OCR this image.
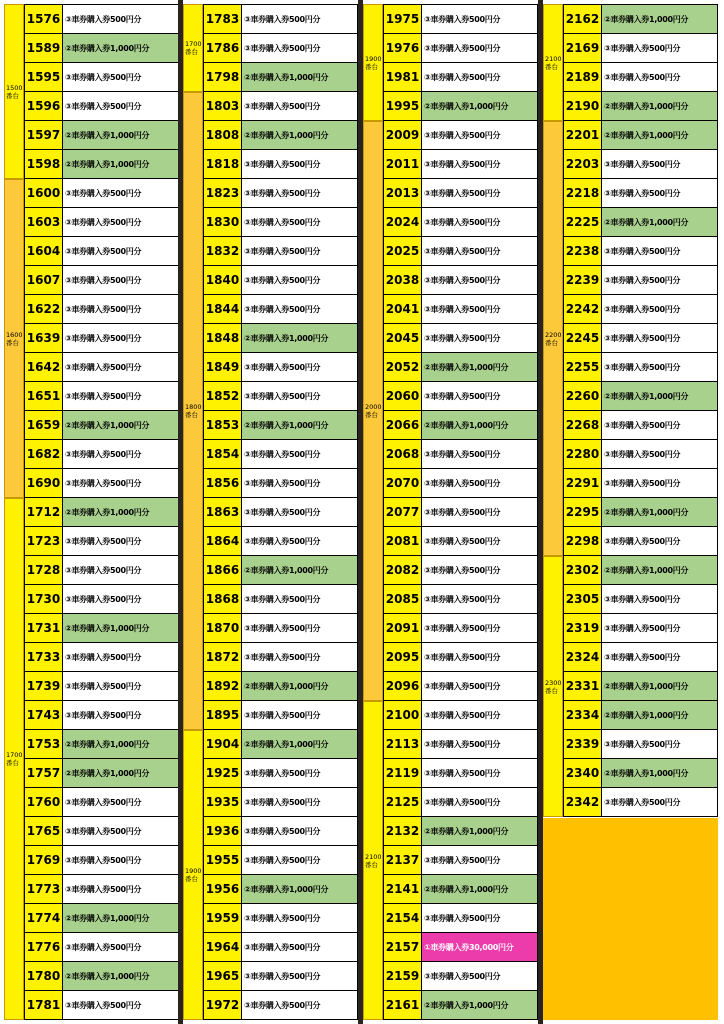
1500
番台
1600
番台
1700
番台
1576 ③車券購入券500円分
1589 ②車券購入券1,000円分
1595 ③車券購入券500円分
1596 ③車券購入券500円分
1597 ②車券購入券1,000円分
1598 ②車券購入券1,000円分
1600 ③車券購入券500円分
1603 ③車券購入券500円分
1604 ③車券購入券500円分
1607 ③車券購入券500円分
1622 ③車券購入券500円分
1639 ③車券購入券500円分
1642 ③車券購入券500円分
1651 ③車券購入券500円分
1659 ②車券購入券1,000円分
1682 ③車券購入券500円分
1690 ③車券購入券500円分
1712 ②車券購入券1,000円分
1723 ③車券購入券500円分
1728 ③車券購入券500円分
1730 ③車券購入券500円分
1731 ②車券購入券1,000円分
1733 ③車券購入券500円分
1739 ③車券購入券500円分
1743 ③車券購入券500円分
1753 ②車券購入券1,000円分
1757 ②車券購入券1,000円分
1760 ③車券購入券500円分
1765 ③車券購入券500円分
1769 ③車券購入券500円分
1773 ③車券購入券500円分
1774 ②車券購入券1,000円分
1776 ③車券購入券500円分
1780 ②車券購入券1,000円分
1781 ③車券購入券500円分
1700
番台
1800
番台
1900
番台
1783 ③車券購入券500円分
1786 ③車券購入券500円分
1798 ②車券購入券1,000円分
1803 ③車券購入券500円分
1808 ②車券購入券1,000円分
1818 ③車券購入券500円分
1823 ③車券購入券500円分
1830 ③車券購入券500円分
1832 ③車券購入券500円分
1840 ③車券購入券500円分
1844 ③車券購入券500円分
1848 ②車券購入券1,000円分
1849 ③車券購入券500円分
1852 ③車券購入券500円分
1853 ②車券購入券1,000円分
1854 ③車券購入券500円分
1856 ③車券購入券500円分
1863 ③車券購入券500円分
1864 ③車券購入券500円分
1866 ②車券購入券1,000円分
1868 ③車券購入券500円分
1870 ③車券購入券500円分
1872 ③車券購入券500円分
1892 ②車券購入券1,000円分
1895 ③車券購入券500円分
1904 ②車券購入券1,000円分
1925 ③車券購入券500円分
1935 ③車券購入券500円分
1936 ③車券購入券500円分
1955 ③車券購入券500円分
1956 ②車券購入券1,000円分
1959 ③車券購入券500円分
1964 ③車券購入券500円分
1965 ③車券購入券500円分
1972 ③車券購入券500円分
1900
番台
2000
番台
2100
番台
1975 ③車券購入券500円分
1976 ③車券購入券500円分
1981 ③車券購入券500円分
1995 ②車券購入券1,000円分
2009 ③車券購入券500円分
2011 ③車券購入券500円分
2013 ③車券購入券500円分
2024 ③車券購入券500円分
2025 ③車券購入券500円分
2038 ③車券購入券500円分
2041 ③車券購入券500円分
2045 ③車券購入券500円分
2052 ②車券購入券1,000円分
2060 ③車券購入券500円分
2066 ②車券購入券1,000円分
2068 ③車券購入券500円分
2070 ③車券購入券500円分
2077 ③車券購入券500円分
2081 ③車券購入券500円分
2082 ③車券購入券500円分
2085 ③車券購入券500円分
2091 ③車券購入券500円分
2095 ③車券購入券500円分
2096 ③車券購入券500円分
2100 ③車券購入券500円分
2113 ③車券購入券500円分
2119 ③車券購入券500円分
2125 ③車券購入券500円分
2132 ②車券購入券1,000円分
2137 ③車券購入券500円分
2141 ②車券購入券1,000円分
2154 ③車券購入券500円分
2157 ①車券購入券30,000円分
2159 ③車券購入券500円分
2161 ②車券購入券1,000円分
2100
番台
2200
番台
2300
番台
2162 ②車券購入券1,000円分
2169 ③車券購入券500円分
2189 ③車券購入券500円分
2190 ②車券購入券1,000円分
2201 ②車券購入券1,000円分
2203 ③車券購入券500円分
2218 ③車券購入券500円分
2225 ②車券購入券1,000円分
2238 ③車券購入券500円分
2239 ③車券購入券500円分
2242 ③車券購入券500円分
2245 ③車券購入券500円分
2255 ③車券購入券500円分
2260 ②車券購入券1,000円分
2268 ③車券購入券500円分
2280 ③車券購入券500円分
2291 ③車券購入券500円分
2295 ②車券購入券1,000円分
2298 ③車券購入券500円分
2302 ②車券購入券1,000円分
2305 ③車券購入券500円分
2319 ③車券購入券500円分
2324 ③車券購入券500円分
2331 ②車券購入券1,000円分
2334 ②車券購入券1,000円分
2339 ③車券購入券500円分
2340 ②車券購入券1,000円分
2342 ③車券購入券500円分
